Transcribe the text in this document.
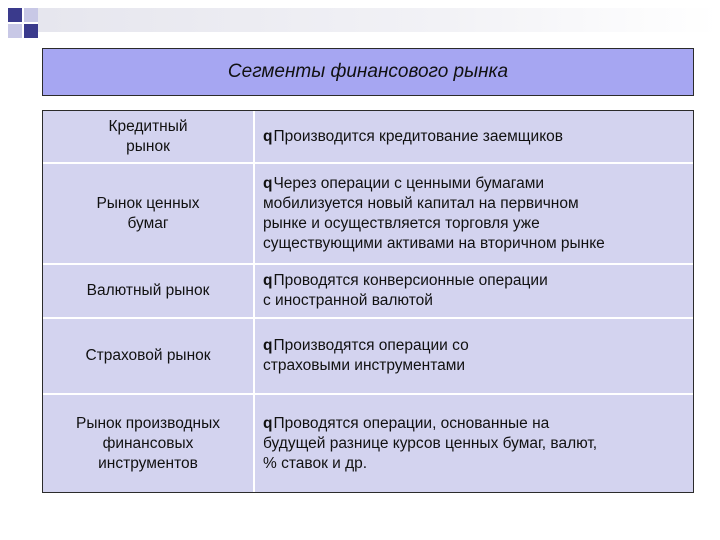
Сегменты финансового рынка
Кредитный
рынок	qПроизводится кредитование заемщиков
Рынок ценных
бумаг	qЧерез операции с ценными бумагами
мобилизуется новый капитал на первичном
рынке и осуществляется торговля уже
существующими активами на вторичном рынке
Валютный рынок	qПроводятся конверсионные операции
с иностранной валютой
Страховой рынок	qПроизводятся операции со
страховыми инструментами
Рынок производных
финансовых
инструментов	qПроводятся операции, основанные на
будущей разнице курсов ценных бумаг, валют,
% ставок и др.
